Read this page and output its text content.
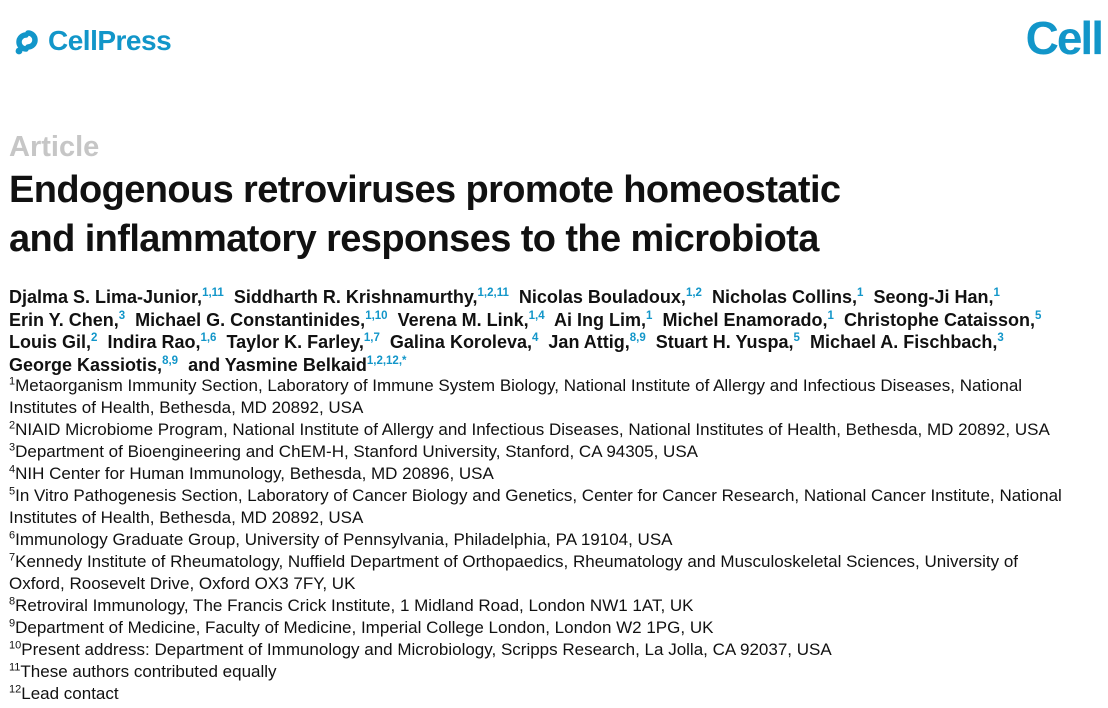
CellPress	Cell
Article
Endogenous retroviruses promote homeostatic
and inflammatory responses to the microbiota
Djalma S. Lima-Junior,$^{1,11}$ Siddharth R. Krishnamurthy,$^{1,2,11}$ Nicolas Bouladoux,$^{1,2}$ Nicholas Collins,$^1$ Seong-Ji Han,$^1$
Erin Y. Chen,$^3$ Michael G. Constantinides,$^{1,10}$ Verena M. Link,$^{1,4}$ Ai Ing Lim,$^1$ Michel Enamorado,$^1$ Christophe Cataisson,$^5$
Louis Gil,$^2$ Indira Rao,$^{1,6}$ Taylor K. Farley,$^{1,7}$ Galina Koroleva,$^4$ Jan Attig,$^{8,9}$ Stuart H. Yuspa,$^5$ Michael A. Fischbach,$^3$
George Kassiotis,$^{8,9}$ and Yasmine Belkaid$^{1,2,12,*}$
$^1$Metaorganism Immunity Section, Laboratory of Immune System Biology, National Institute of Allergy and Infectious Diseases, National
Institutes of Health, Bethesda, MD 20892, USA
$^2$NIAID Microbiome Program, National Institute of Allergy and Infectious Diseases, National Institutes of Health, Bethesda, MD 20892, USA
$^3$Department of Bioengineering and ChEM-H, Stanford University, Stanford, CA 94305, USA
$^4$NIH Center for Human Immunology, Bethesda, MD 20896, USA
$^5$In Vitro Pathogenesis Section, Laboratory of Cancer Biology and Genetics, Center for Cancer Research, National Cancer Institute, National
Institutes of Health, Bethesda, MD 20892, USA
$^6$Immunology Graduate Group, University of Pennsylvania, Philadelphia, PA 19104, USA
$^7$Kennedy Institute of Rheumatology, Nuffield Department of Orthopaedics, Rheumatology and Musculoskeletal Sciences, University of
Oxford, Roosevelt Drive, Oxford OX3 7FY, UK
$^8$Retroviral Immunology, The Francis Crick Institute, 1 Midland Road, London NW1 1AT, UK
$^9$Department of Medicine, Faculty of Medicine, Imperial College London, London W2 1PG, UK
$^{10}$Present address: Department of Immunology and Microbiology, Scripps Research, La Jolla, CA 92037, USA
$^{11}$These authors contributed equally
$^{12}$Lead contact
